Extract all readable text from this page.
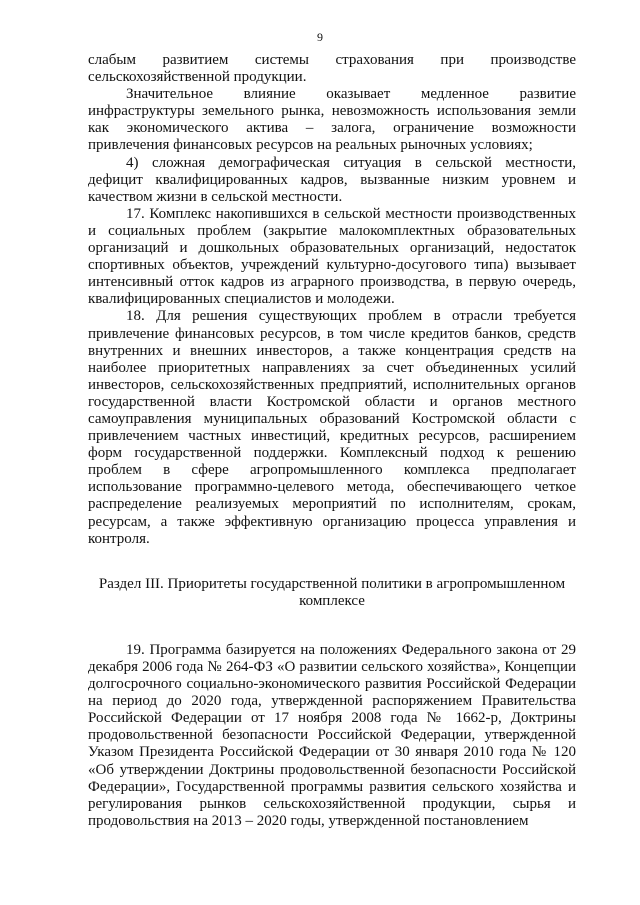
9

слабым развитием системы страхования при производстве сельскохозяйственной продукции.

Значительное влияние оказывает медленное развитие инфраструктуры земельного рынка, невозможность использования земли как экономического актива – залога, ограничение возможности привлечения финансовых ресурсов на реальных рыночных условиях;

4) сложная демографическая ситуация в сельской местности, дефицит квалифицированных кадров, вызванные низким уровнем и качеством жизни в сельской местности.

17. Комплекс накопившихся в сельской местности производственных и социальных проблем (закрытие малокомплектных образовательных организаций и дошкольных образовательных организаций, недостаток спортивных объектов, учреждений культурно-досугового типа) вызывает интенсивный отток кадров из аграрного производства, в первую очередь, квалифицированных специалистов и молодежи.

18. Для решения существующих проблем в отрасли требуется привлечение финансовых ресурсов, в том числе кредитов банков, средств внутренних и внешних инвесторов, а также концентрация средств на наиболее приоритетных направлениях за счет объединенных усилий инвесторов, сельскохозяйственных предприятий, исполнительных органов государственной власти Костромской области и органов местного самоуправления муниципальных образований Костромской области с привлечением частных инвестиций, кредитных ресурсов, расширением форм государственной поддержки. Комплексный подход к решению проблем в сфере агропромышленного комплекса предполагает использование программно-целевого метода, обеспечивающего четкое распределение реализуемых мероприятий по исполнителям, срокам, ресурсам, а также эффективную организацию процесса управления и контроля.

Раздел III. Приоритеты государственной политики в агропромышленном комплексе

19. Программа базируется на положениях Федерального закона от 29 декабря 2006 года № 264-ФЗ «О развитии сельского хозяйства», Концепции долгосрочного социально-экономического развития Российской Федерации на период до 2020 года, утвержденной распоряжением Правительства Российской Федерации от 17 ноября 2008 года № 1662-р, Доктрины продовольственной безопасности Российской Федерации, утвержденной Указом Президента Российской Федерации от 30 января 2010 года № 120 «Об утверждении Доктрины продовольственной безопасности Российской Федерации», Государственной программы развития сельского хозяйства и регулирования рынков сельскохозяйственной продукции, сырья и продовольствия на 2013 – 2020 годы, утвержденной постановлением
